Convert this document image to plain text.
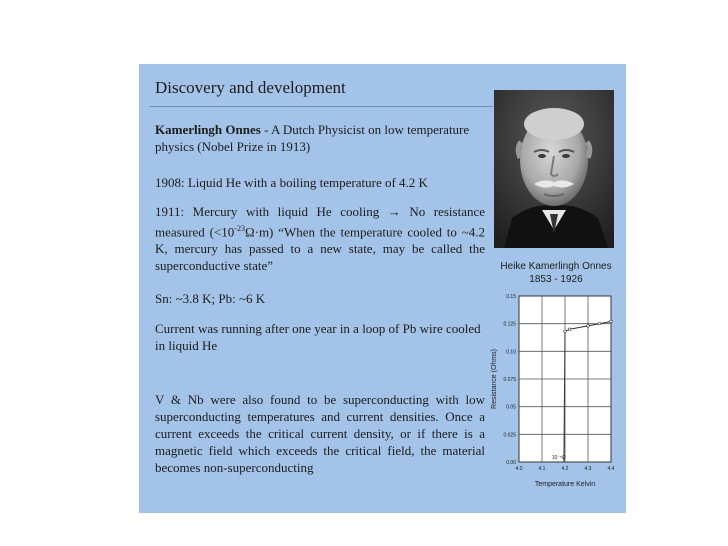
Discovery and development
Kamerlingh Onnes - A Dutch Physicist on low temperature physics (Nobel Prize in 1913)
1908: Liquid He with a boiling temperature of 4.2 K
1911: Mercury with liquid He cooling → No resistance measured $(<10^{-23}\Omega\cdot m)$ “When the temperature cooled to ~4.2 K, mercury has passed to a new state, may be called the superconductive state”
Sn: ~3.8 K; Pb: ~6 K
Current was running after one year in a loop of Pb wire cooled in liquid He
V & Nb were also found to be superconducting with low superconducting temperatures and current densities. Once a current exceeds the critical current density, or if there is a magnetic field which exceeds the critical field, the material becomes non-superconducting
Heike Kamerlingh Onnes
1853 - 1926
0.00
0.025
0.05
0.075
0.10
0.125
0.15
4.0	4.1	4.2	4.3	4.4
Resistance (Ohms)
Temperature Kelvin
10⁻⁵Ω
